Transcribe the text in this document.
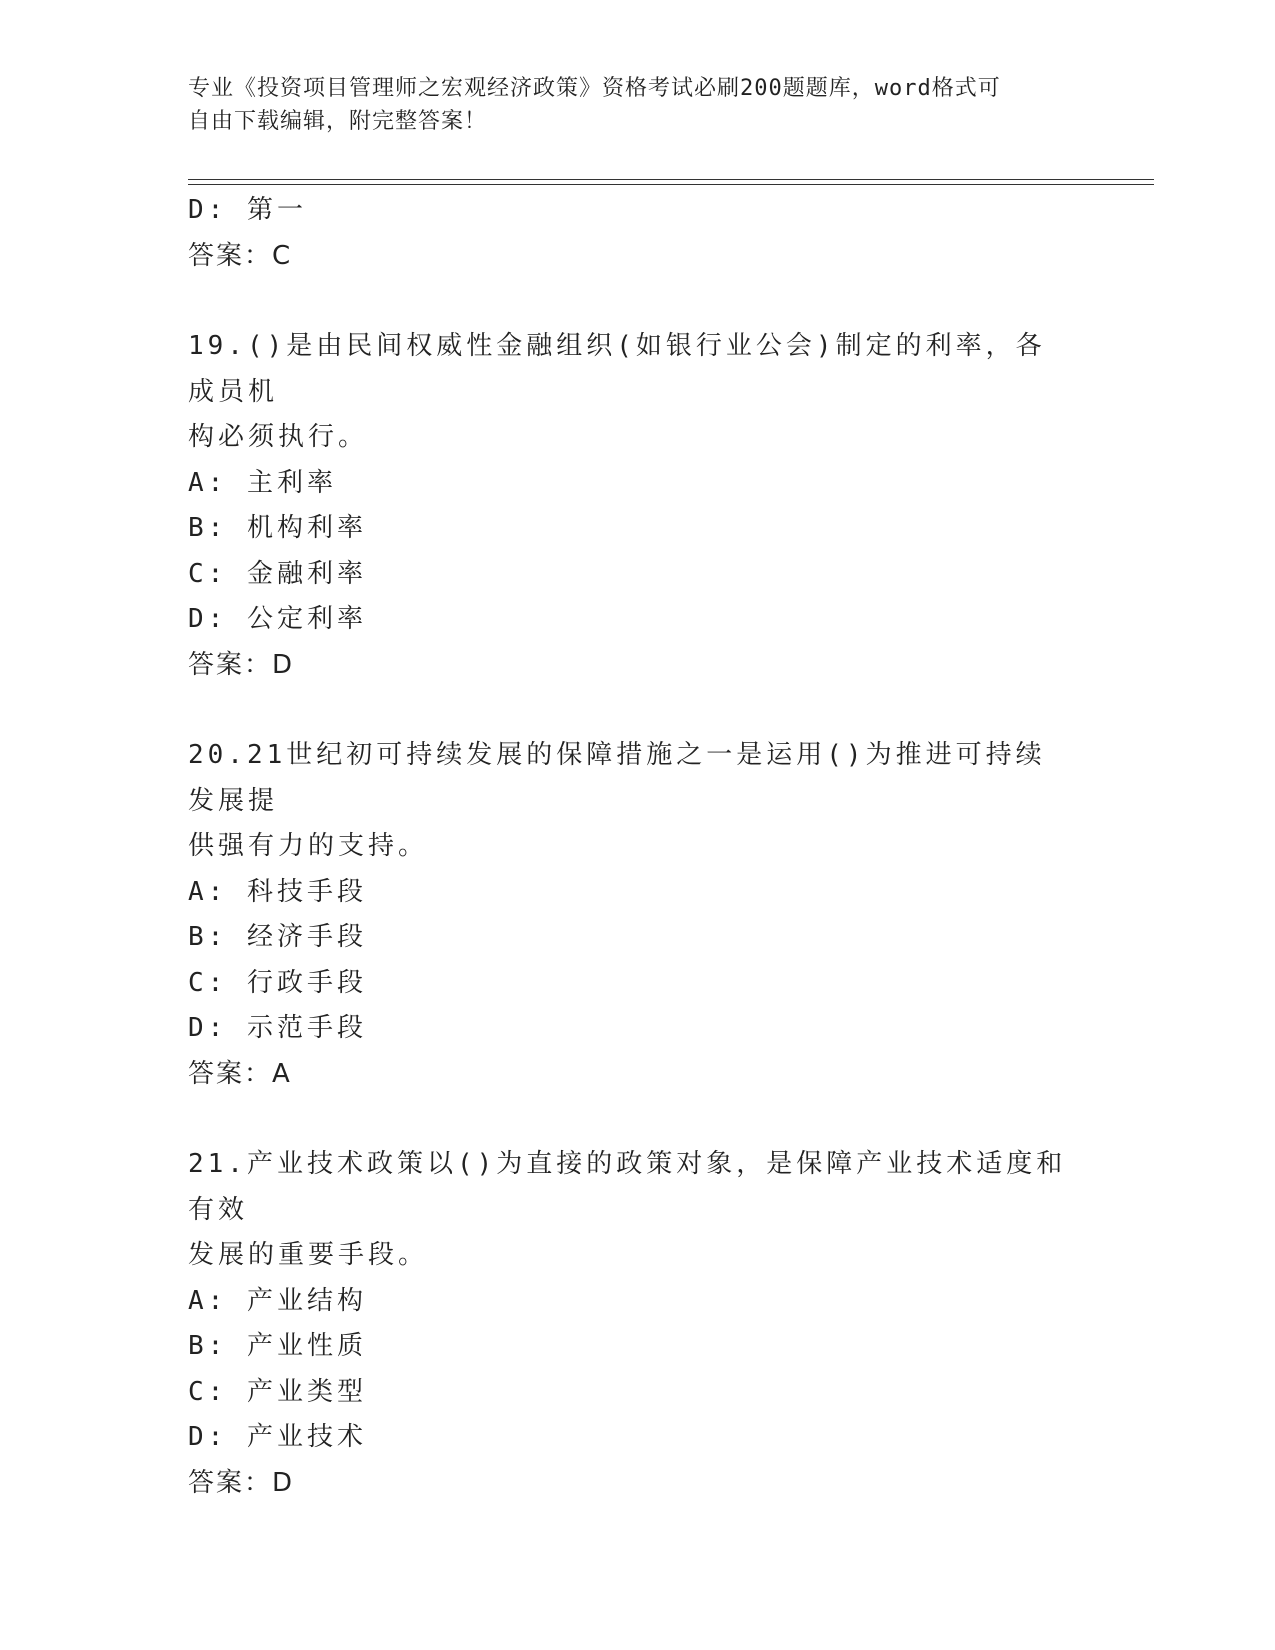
专业《投资项目管理师之宏观经济政策》资格考试必刷200题题库，word格式可
自由下载编辑，附完整答案！
D: 第一
答案：C
19.()是由民间权威性金融组织(如银行业公会)制定的利率，各成员机
构必须执行。
A: 主利率
B: 机构利率
C: 金融利率
D: 公定利率
答案：D
20.21世纪初可持续发展的保障措施之一是运用()为推进可持续发展提
供强有力的支持。
A: 科技手段
B: 经济手段
C: 行政手段
D: 示范手段
答案：A
21.产业技术政策以()为直接的政策对象，是保障产业技术适度和有效
发展的重要手段。
A: 产业结构
B: 产业性质
C: 产业类型
D: 产业技术
答案：D
